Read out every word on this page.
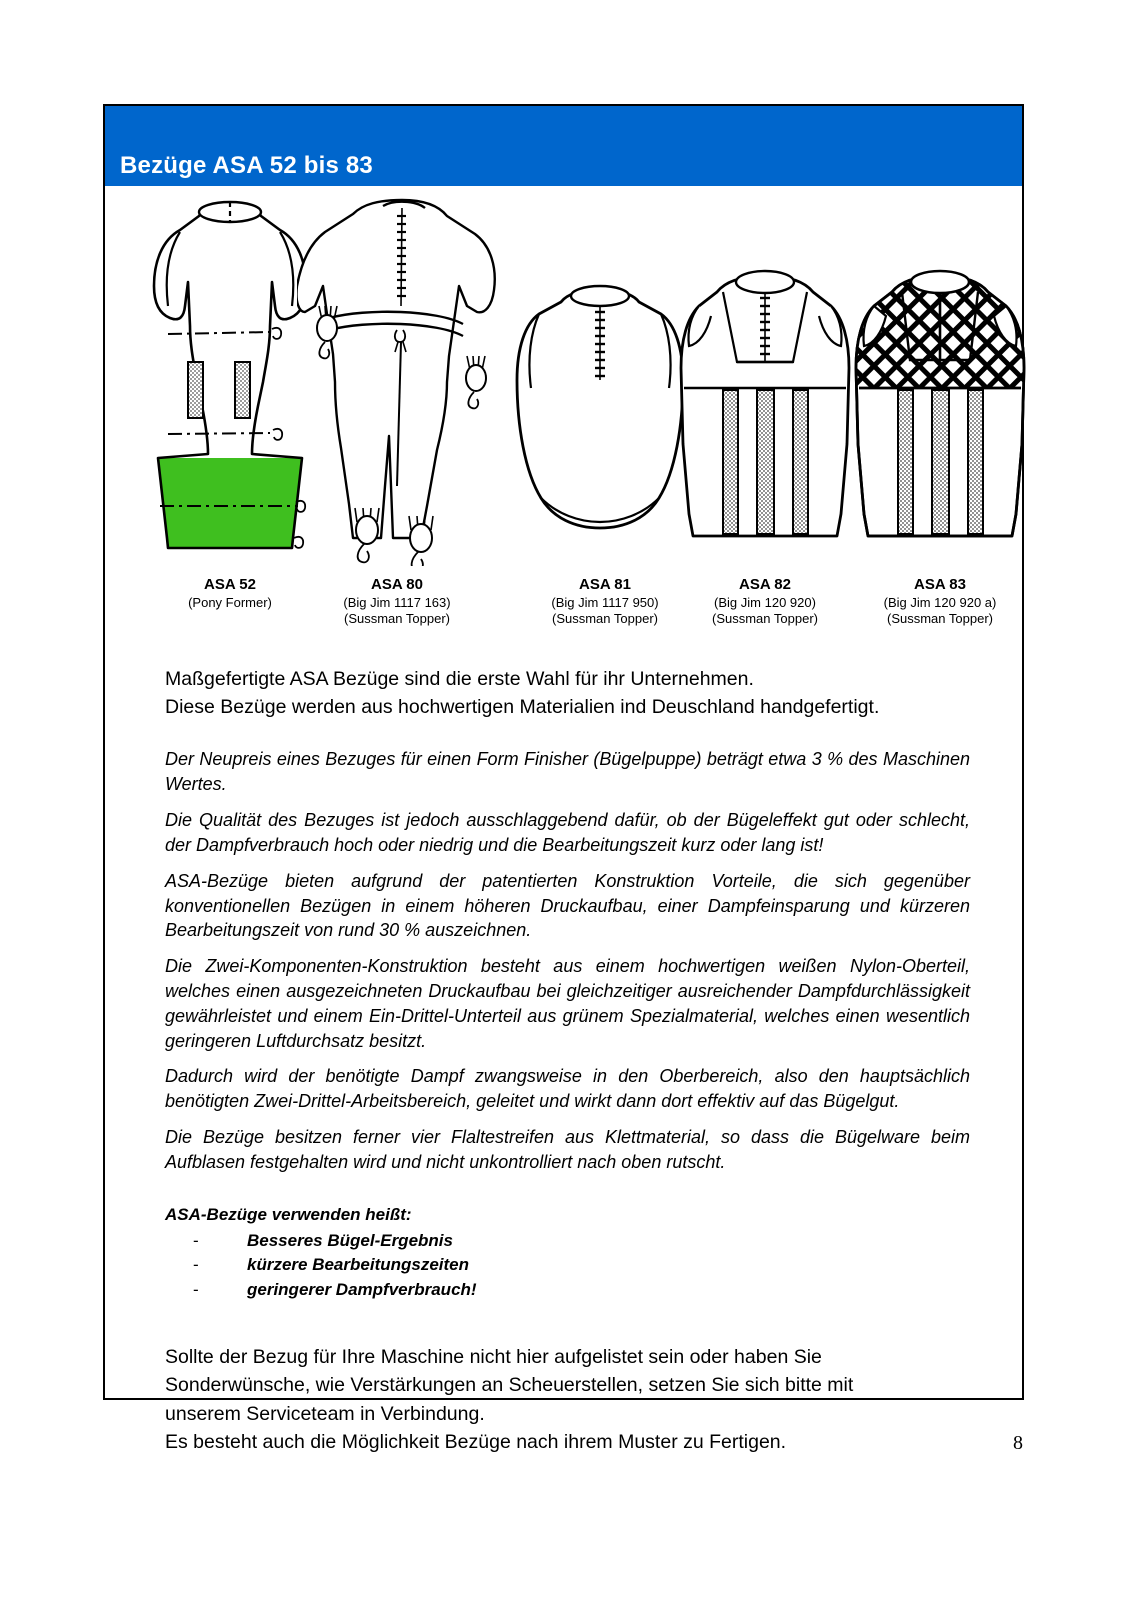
Bezüge ASA 52 bis 83
ASA 52
(Pony Former)
ASA 80
(Big Jim 1117 163)
(Sussman Topper)
ASA 81
(Big Jim 1117 950)
(Sussman Topper)
ASA 82
(Big Jim 120 920)
(Sussman Topper)
ASA 83
(Big Jim 120 920 a)
(Sussman Topper)

Maßgefertigte ASA Bezüge sind die erste Wahl für ihr Unternehmen.

Diese Bezüge werden aus hochwertigen Materialien ind Deuschland handgefertigt.

Der Neupreis eines Bezuges für einen Form Finisher (Bügelpuppe) beträgt etwa 3 % des Maschinen Wertes.

Die Qualität des Bezuges ist jedoch ausschlaggebend dafür, ob der Bügeleffekt gut oder schlecht, der Dampfverbrauch hoch oder niedrig und die Bearbeitungszeit kurz oder lang ist!

ASA-Bezüge bieten aufgrund der patentierten Konstruktion Vorteile, die sich gegenüber konventionellen Bezügen in einem höheren Druckaufbau, einer Dampfeinsparung und kürzeren Bearbeitungszeit von rund 30 % auszeichnen.

Die Zwei-Komponenten-Konstruktion besteht aus einem hochwertigen weißen Nylon-Oberteil, welches einen ausgezeichneten Druckaufbau bei gleichzeitiger ausreichender Dampfdurchlässigkeit gewährleistet und einem Ein-Drittel-Unterteil aus grünem Spezialmaterial, welches einen wesentlich geringeren Luftdurchsatz besitzt.

Dadurch wird der benötigte Dampf zwangsweise in den Oberbereich, also den hauptsächlich benötigten Zwei-Drittel-Arbeitsbereich, geleitet und wirkt dann dort effektiv auf das Bügelgut.

Die Bezüge besitzen ferner vier Flaltestreifen aus Klettmaterial, so dass die Bügelware beim Aufblasen festgehalten wird und nicht unkontrolliert nach oben rutscht.

ASA-Bezüge verwenden heißt:

-	Besseres Bügel-Ergebnis
-	kürzere Bearbeitungszeiten
-	geringerer Dampfverbrauch!

Sollte der Bezug für Ihre Maschine nicht hier aufgelistet sein oder haben Sie

Sonderwünsche, wie Verstärkungen an Scheuerstellen, setzen Sie sich bitte mit

unserem Serviceteam in Verbindung.

Es besteht auch die Möglichkeit Bezüge nach ihrem Muster zu Fertigen.	8
